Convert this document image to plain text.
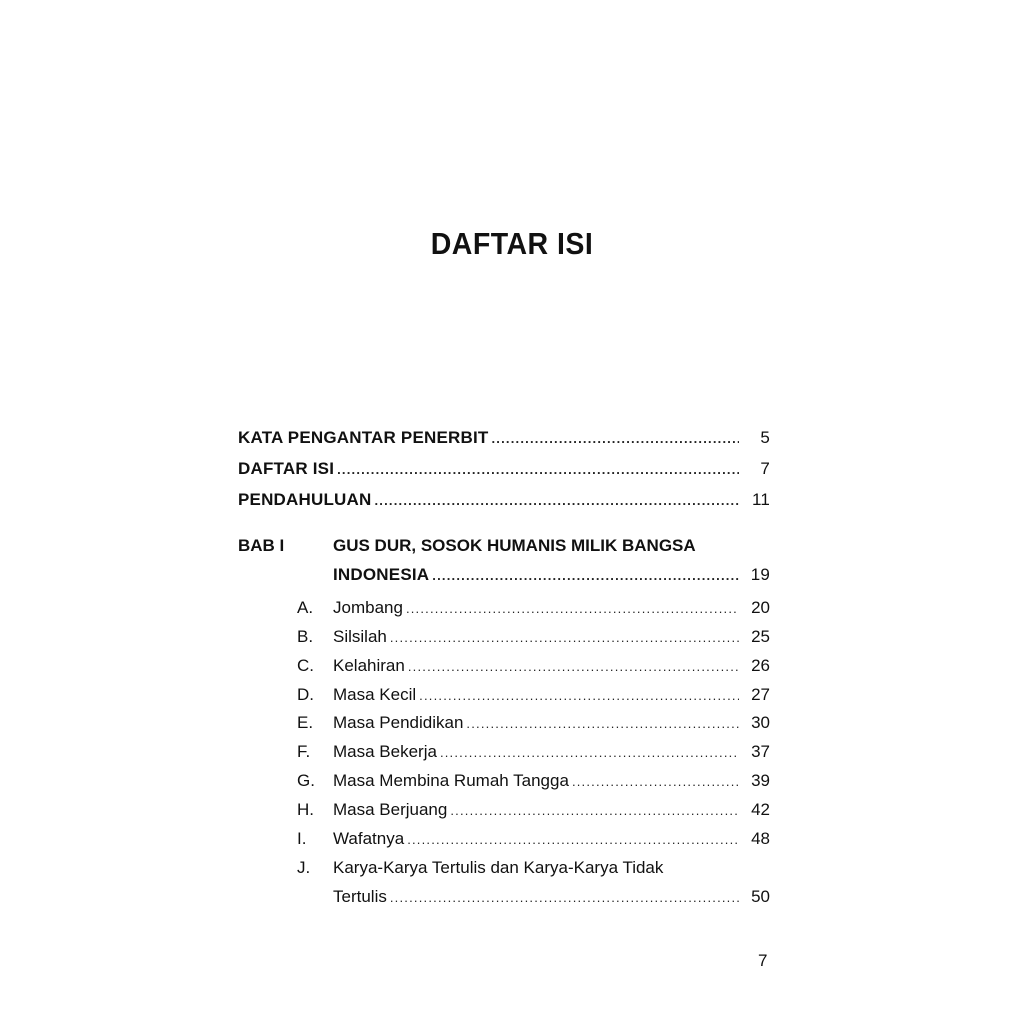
DAFTAR ISI
KATA PENGANTAR PENERBIT .....	5
DAFTAR ISI .....	7
PENDAHULUAN .....	11
BAB I	GUS DUR, SOSOK HUMANIS MILIK BANGSA
INDONESIA .....	19
A.	Jombang .....	20
B.	Silsilah .....	25
C.	Kelahiran .....	26
D.	Masa Kecil .....	27
E.	Masa Pendidikan .....	30
F.	Masa Bekerja .....	37
G.	Masa Membina Rumah Tangga .....	39
H.	Masa Berjuang .....	42
I.	Wafatnya .....	48
J.	Karya-Karya Tertulis dan Karya-Karya Tidak
Tertulis .....	50
7
